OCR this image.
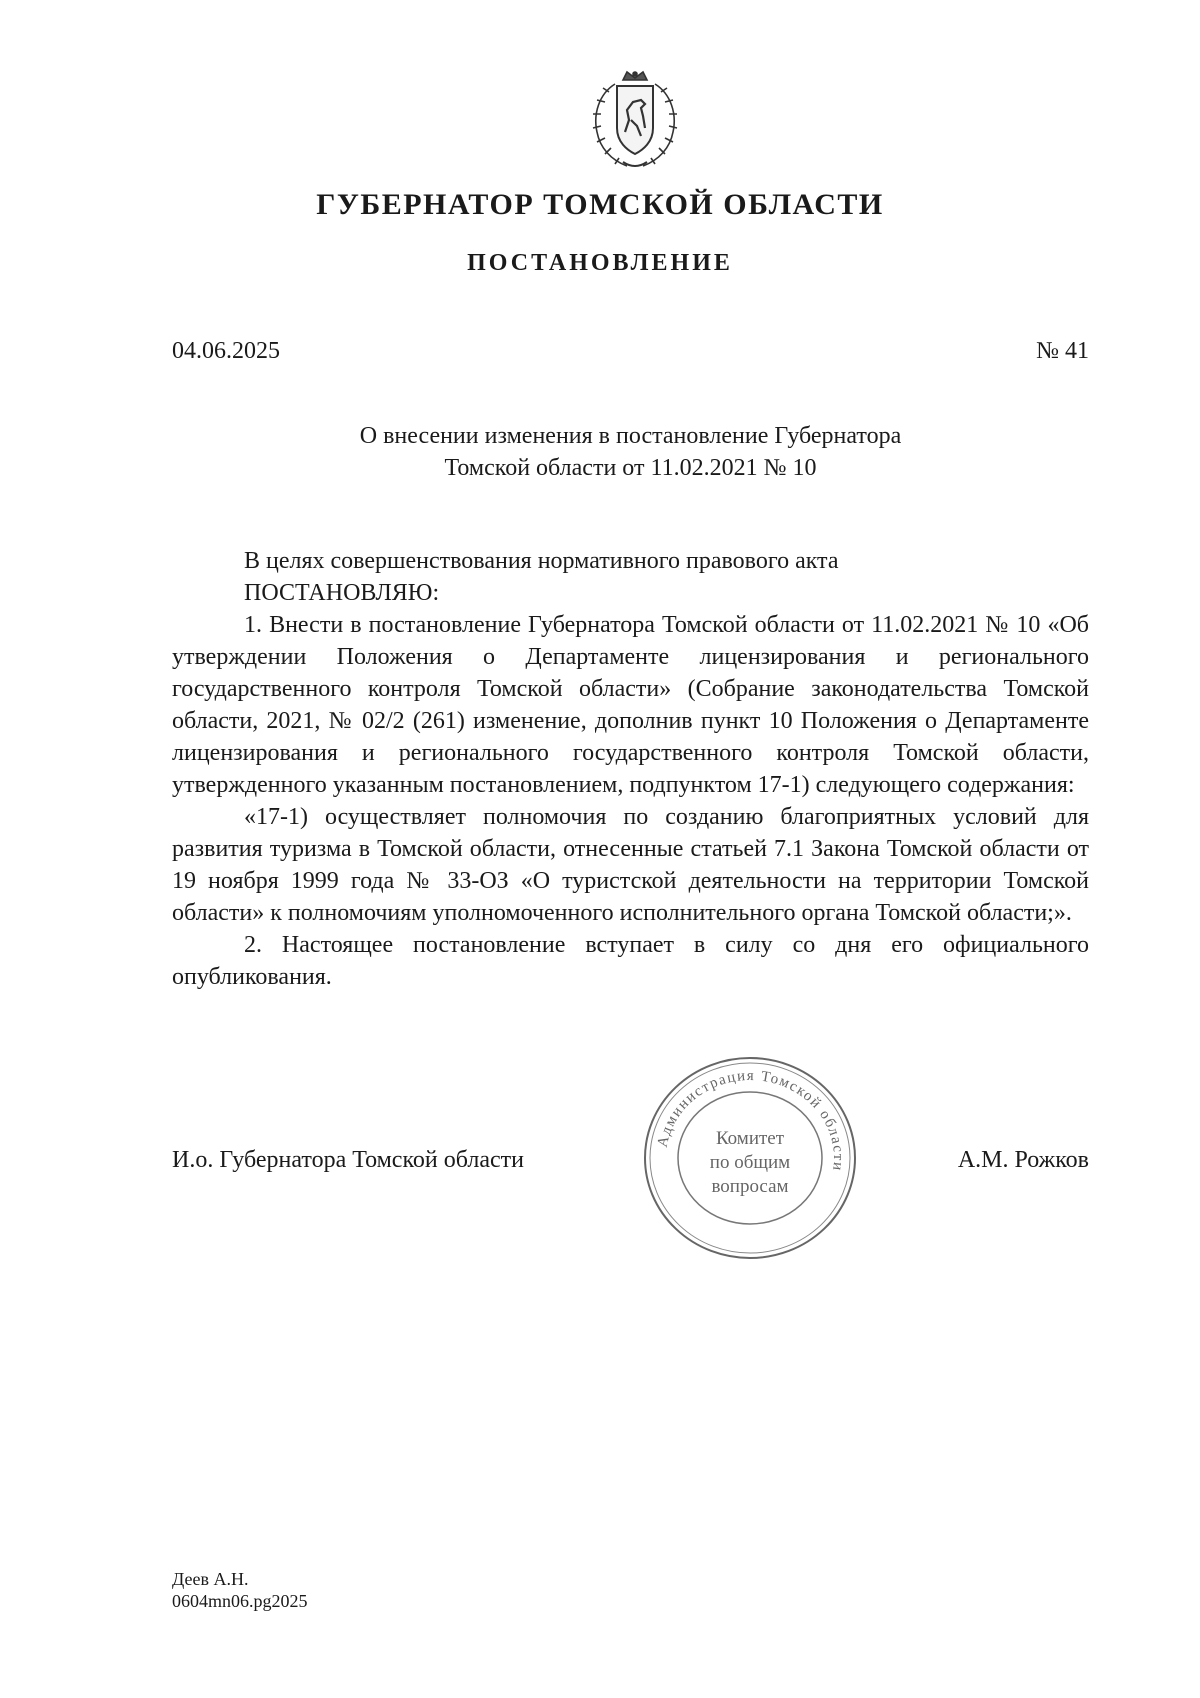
ГУБЕРНАТОР ТОМСКОЙ ОБЛАСТИ
ПОСТАНОВЛЕНИЕ
04.06.2025	№ 41
О внесении изменения в постановление Губернатора
Томской области от 11.02.2021 № 10

В целях совершенствования нормативного правового акта

ПОСТАНОВЛЯЮ:

1. Внести в постановление Губернатора Томской области от 11.02.2021 № 10 «Об утверждении Положения о Департаменте лицензирования и регионального государственного контроля Томской области» (Собрание законодательства Томской области, 2021, № 02/2 (261) изменение, дополнив пункт 10 Положения о Департаменте лицензирования и регионального государственного контроля Томской области, утвержденного указанным постановлением, подпунктом 17-1) следующего содержания:

«17-1) осуществляет полномочия по созданию благоприятных условий для развития туризма в Томской области, отнесенные статьей 7.1 Закона Томской области от 19 ноября 1999 года № 33-ОЗ «О туристской деятельности на территории Томской области» к полномочиям уполномоченного исполнительного органа Томской области;».

2. Настоящее постановление вступает в силу со дня его официального опубликования.

И.о. Губернатора Томской области	А.М. Рожков
Администрация Томской области
Комитет
по общим
вопросам
Деев А.Н.
0604mn06.pg2025
